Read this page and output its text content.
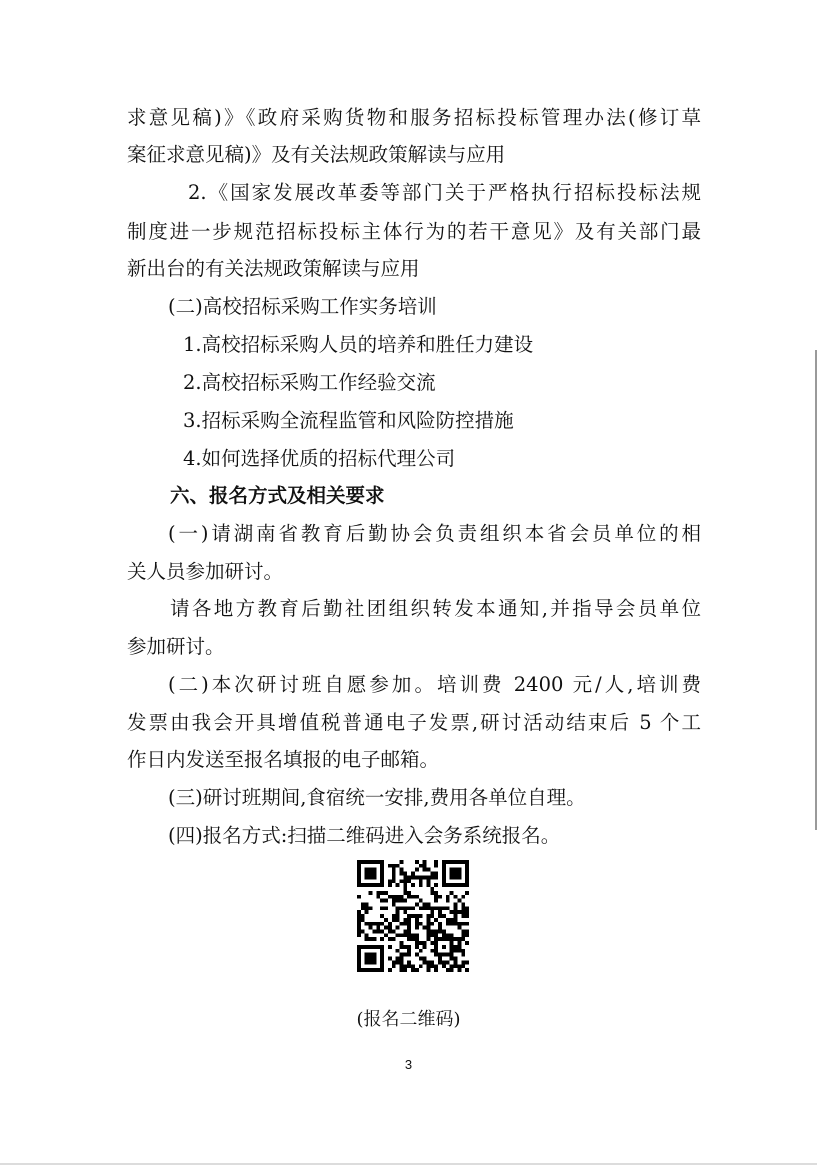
求意见稿)》《政府采购货物和服务招标投标管理办法(修订草
案征求意见稿)》及有关法规政策解读与应用
2.《国家发展改革委等部门关于严格执行招标投标法规
制度进一步规范招标投标主体行为的若干意见》及有关部门最
新出台的有关法规政策解读与应用
(二)高校招标采购工作实务培训
1.高校招标采购人员的培养和胜任力建设
2.高校招标采购工作经验交流
3.招标采购全流程监管和风险防控措施
4.如何选择优质的招标代理公司
六、报名方式及相关要求
(一)请湖南省教育后勤协会负责组织本省会员单位的相
关人员参加研讨。
请各地方教育后勤社团组织转发本通知,并指导会员单位
参加研讨。
(二)本次研讨班自愿参加。培训费 2400 元/人,培训费
发票由我会开具增值税普通电子发票,研讨活动结束后 5 个工
作日内发送至报名填报的电子邮箱。
(三)研讨班期间,食宿统一安排,费用各单位自理。
(四)报名方式:扫描二维码进入会务系统报名。
(报名二维码)
3
